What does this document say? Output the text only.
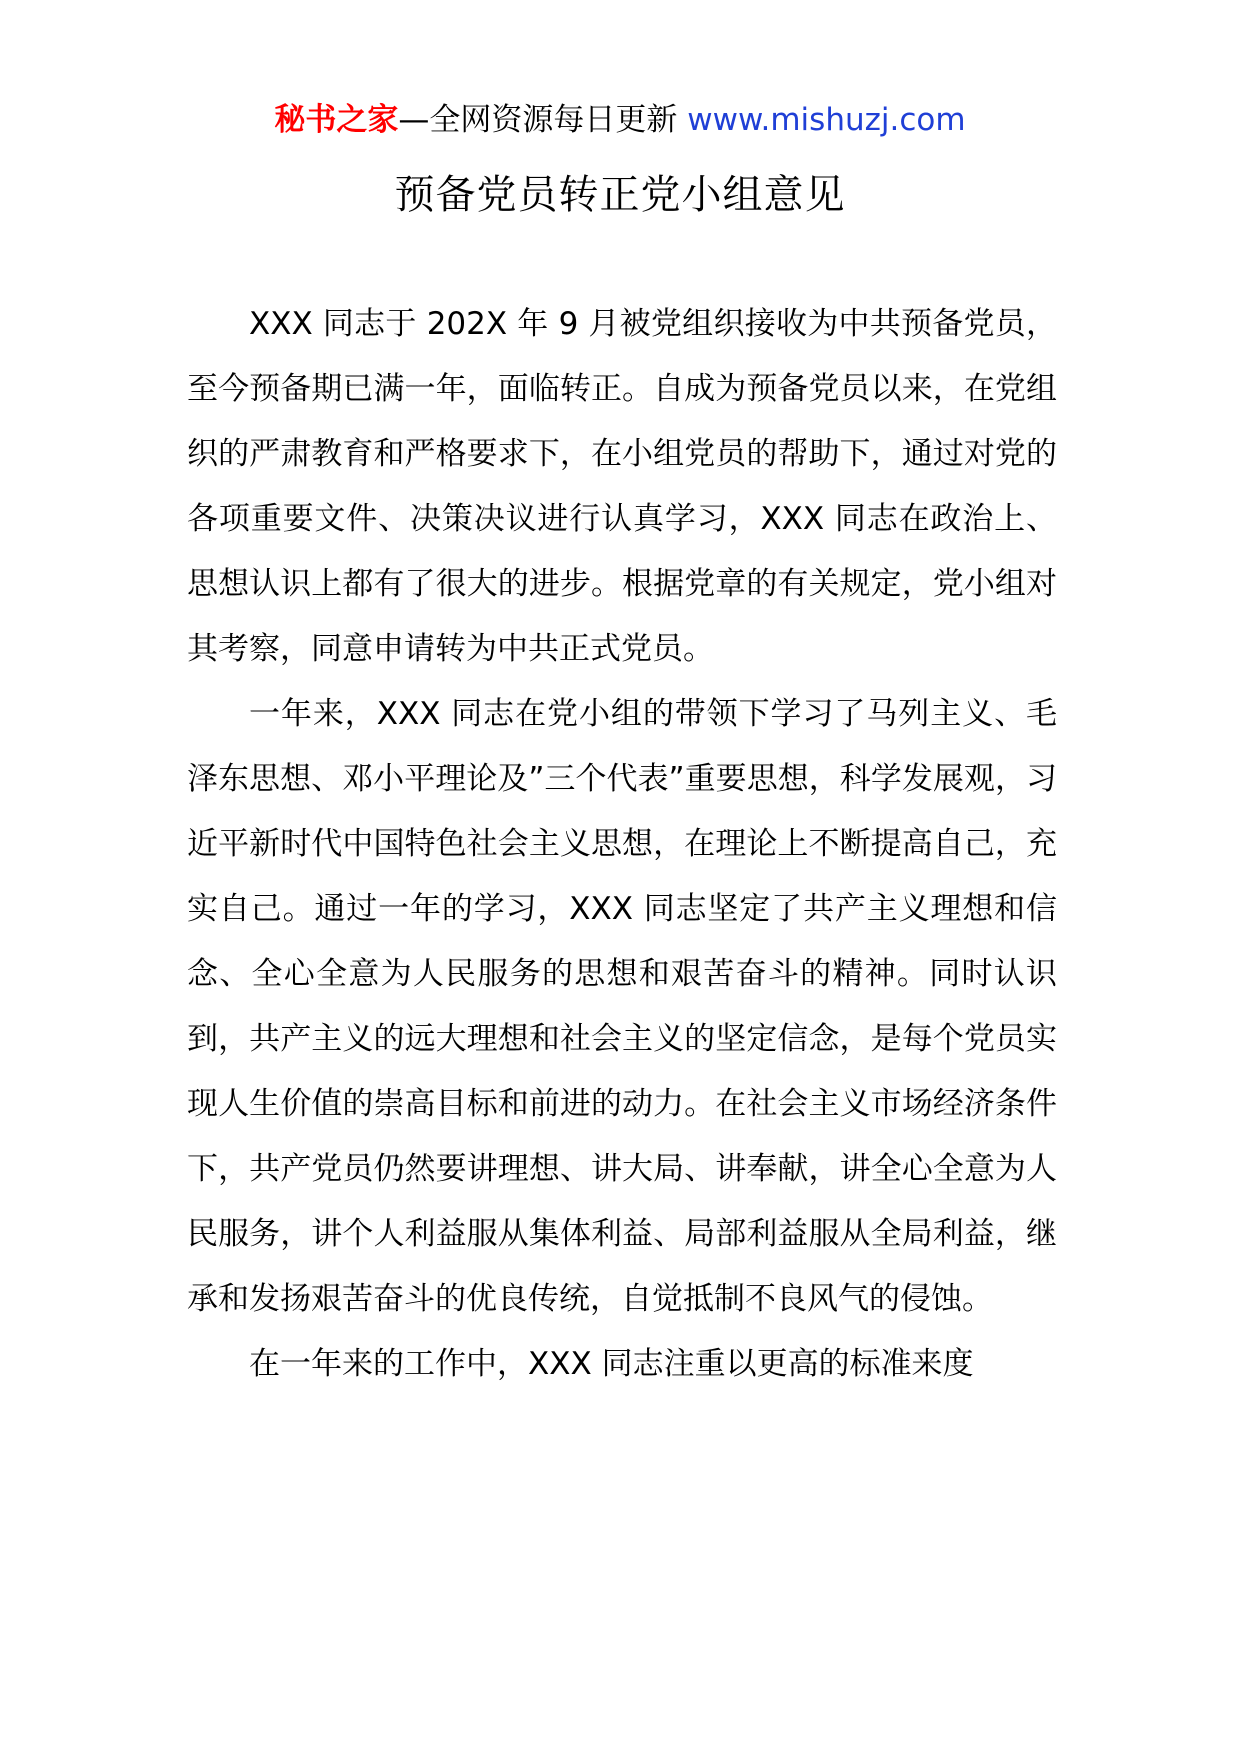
秘书之家—全网资源每日更新 www.mishuzj.com
预备党员转正党小组意见

XXX 同志于 202X 年 9 月被党组织接收为中共预备党员，至今预备期已满一年，面临转正。自成为预备党员以来，在党组织的严肃教育和严格要求下，在小组党员的帮助下，通过对党的各项重要文件、决策决议进行认真学习，XXX 同志在政治上、思想认识上都有了很大的进步。根据党章的有关规定，党小组对其考察，同意申请转为中共正式党员。

一年来，XXX 同志在党小组的带领下学习了马列主义、毛泽东思想、邓小平理论及”三个代表”重要思想，科学发展观，习近平新时代中国特色社会主义思想，在理论上不断提高自己，充实自己。通过一年的学习，XXX 同志坚定了共产主义理想和信念、全心全意为人民服务的思想和艰苦奋斗的精神。同时认识到，共产主义的远大理想和社会主义的坚定信念，是每个党员实现人生价值的崇高目标和前进的动力。在社会主义市场经济条件下，共产党员仍然要讲理想、讲大局、讲奉献，讲全心全意为人民服务，讲个人利益服从集体利益、局部利益服从全局利益，继承和发扬艰苦奋斗的优良传统，自觉抵制不良风气的侵蚀。

在一年来的工作中，XXX 同志注重以更高的标准来度
